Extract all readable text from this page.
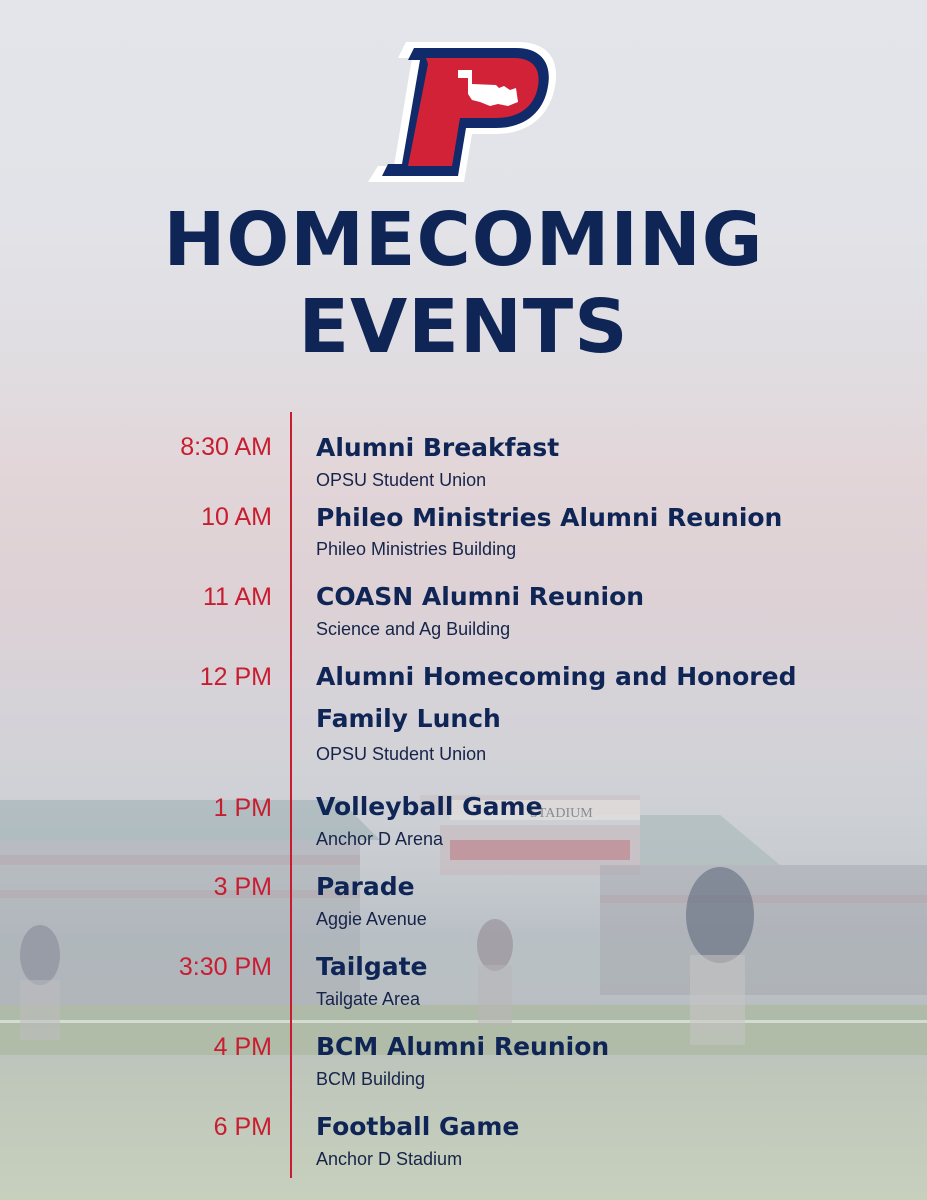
STADIUM
HOMECOMING
EVENTS
8:30 AM Alumni Breakfast
OPSU Student Union
10 AM Phileo Ministries Alumni Reunion
Phileo Ministries Building
11 AM COASN Alumni Reunion
Science and Ag Building
12 PM Alumni Homecoming and Honored
Family Lunch
OPSU Student Union
1 PM Volleyball Game
Anchor D Arena
3 PM Parade
Aggie Avenue
3:30 PM Tailgate
Tailgate Area
4 PM BCM Alumni Reunion
BCM Building
6 PM Football Game
Anchor D Stadium
